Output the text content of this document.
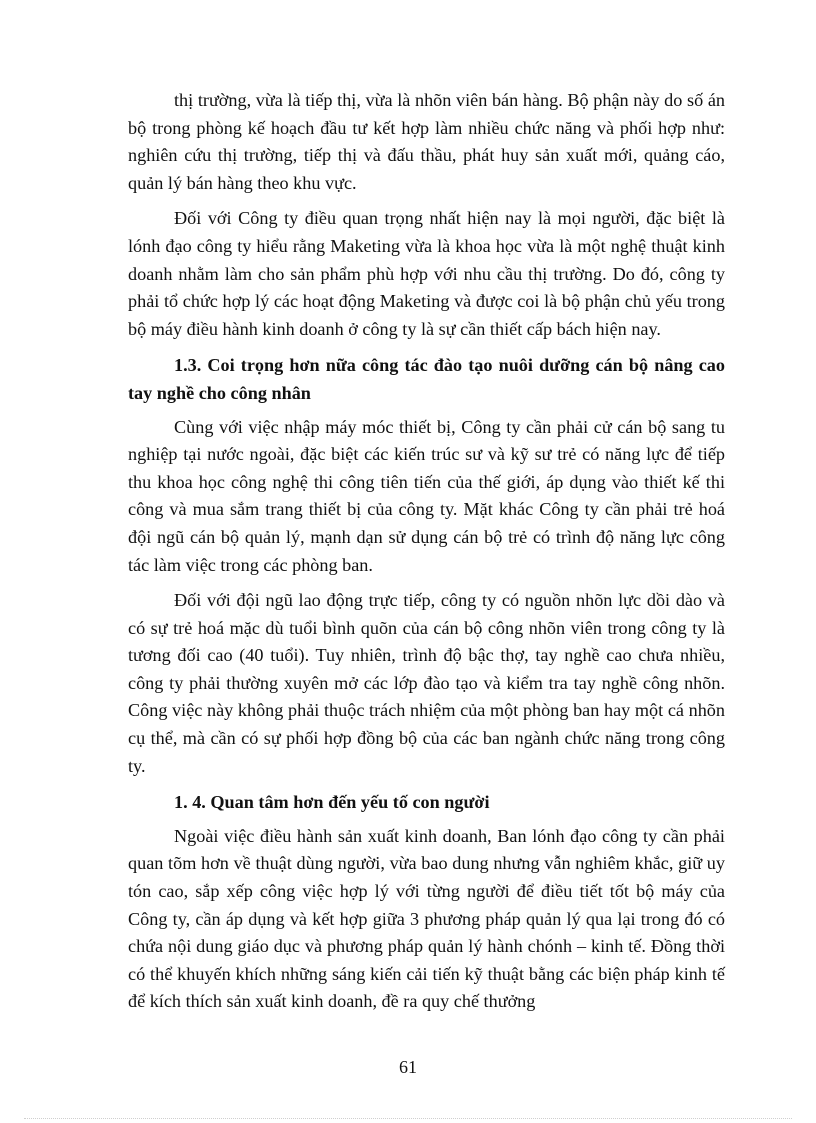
thị trường, vừa là tiếp thị, vừa là nhõn viên bán hàng. Bộ phận này do số án bộ trong phòng kế hoạch đầu tư kết hợp làm nhiều chức năng và phối hợp như: nghiên cứu thị trường, tiếp thị và đấu thầu, phát huy sản xuất mới, quảng cáo, quản lý bán hàng theo khu vực.

Đối với Công ty điều quan trọng nhất hiện nay là mọi người, đặc biệt là lónh đạo công ty hiểu rằng Maketing vừa là khoa học vừa là một nghệ thuật kinh doanh nhằm làm cho sản phẩm phù hợp với nhu cầu thị trường. Do đó, công ty phải tổ chức hợp lý các hoạt động Maketing và được coi là bộ phận chủ yếu trong bộ máy điều hành kinh doanh ở công ty là sự cần thiết cấp bách hiện nay.

1.3. Coi trọng hơn nữa công tác đào tạo nuôi dưỡng cán bộ nâng cao tay nghề cho công nhân

Cùng với việc nhập máy móc thiết bị, Công ty cần phải cử cán bộ sang tu nghiệp tại nước ngoài, đặc biệt các kiến trúc sư và kỹ sư trẻ có năng lực để tiếp thu khoa học công nghệ thi công tiên tiến của thế giới, áp dụng vào thiết kế thi công và mua sắm trang thiết bị của công ty. Mặt khác Công ty cần phải trẻ hoá đội ngũ cán bộ quản lý, mạnh dạn sử dụng cán bộ trẻ có trình độ năng lực công tác làm việc trong các phòng ban.

Đối với đội ngũ lao động trực tiếp, công ty có nguồn nhõn lực dồi dào và có sự trẻ hoá mặc dù tuổi bình quõn của cán bộ công nhõn viên trong công ty là tương đối cao (40 tuổi). Tuy nhiên, trình độ bậc thợ, tay nghề cao chưa nhiều, công ty phải thường xuyên mở các lớp đào tạo và kiểm tra tay nghề công nhõn. Công việc này không phải thuộc trách nhiệm của một phòng ban hay một cá nhõn cụ thể, mà cần có sự phối hợp đồng bộ của các ban ngành chức năng trong công ty.

1. 4. Quan tâm hơn đến yếu tố con người

Ngoài việc điều hành sản xuất kinh doanh, Ban lónh đạo công ty cần phải quan tõm hơn về thuật dùng người, vừa bao dung nhưng vẫn nghiêm khắc, giữ uy tón cao, sắp xếp công việc hợp lý với từng người để điều tiết tốt bộ máy của Công ty, cần áp dụng và kết hợp giữa 3 phương pháp quản lý qua lại trong đó có chứa nội dung giáo dục và phương pháp quản lý hành chónh – kinh tế. Đồng thời có thể khuyến khích những sáng kiến cải tiến kỹ thuật bằng các biện pháp kinh tế để kích thích sản xuất kinh doanh, đề ra quy chế thưởng

61
